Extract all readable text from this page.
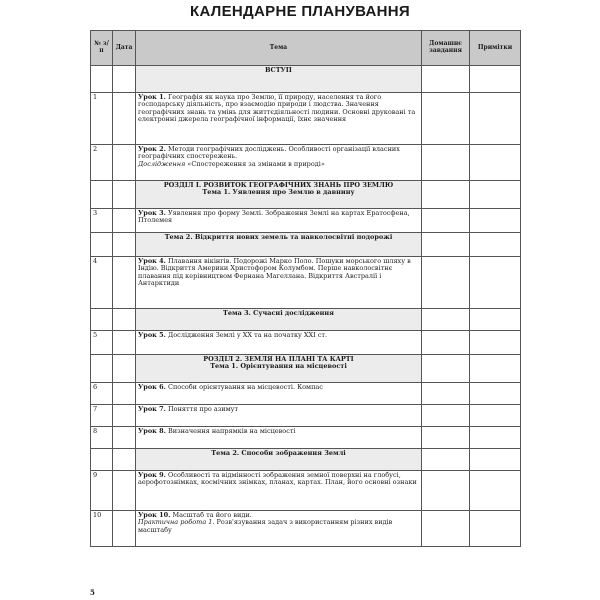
КАЛЕНДАРНЕ ПЛАНУВАННЯ
№ з/п	Дата	Тема	Домашнє завдання	Примітки
		ВСТУП		
1		Урок 1. Географія як наука про Землю, її природу, населення та його господарську діяльність, про взаємодію природи і людства. Значення географічних знань та умінь для життєдіяльності людини. Основні друковані та електронні джерела географічної інформації, їхнє значення		
2		Урок 2. Методи географічних досліджень. Особливості організації власних географічних спостережень.
Дослідження «Спостереження за змінами в природі»		
		РОЗДІЛ І. РОЗВИТОК ГЕОГРАФІЧНИХ ЗНАНЬ ПРО ЗЕМЛЮ
Тема 1. Уявлення про Землю в давнину		
3		Урок 3. Уявлення про форму Землі. Зображення Землі на картах Ератосфена, Птолемея		
		Тема 2. Відкриття нових земель та навколосвітні подорожі		
4		Урок 4. Плавання вікінгів. Подорожі Марко Поло. Пошуки морського шляху в Індію. Відкриття Америки Христофором Колумбом. Перше навколосвітнє плавання під керівництвом Фернана Магеллана. Відкриття Австралії і Антарктиди		
		Тема 3. Сучасні дослідження		
5		Урок 5. Дослідження Землі у XX та на початку XXI ст.		
		РОЗДІЛ 2. ЗЕМЛЯ НА ПЛАНІ ТА КАРТІ
Тема 1. Орієнтування на місцевості		
6		Урок 6. Способи орієнтування на місцевості. Компас		
7		Урок 7. Поняття про азимут		
8		Урок 8. Визначення напрямків на місцевості		
		Тема 2. Способи зображення Землі		
9		Урок 9. Особливості та відмінності зображення земної поверхні на глобусі, аерофотознімках, космічних знімках, планах, картах. План, його основні ознаки		
10		Урок 10. Масштаб та його види.
Практична робота 1. Розв'язування задач з використанням різних видів масштабу		
5
